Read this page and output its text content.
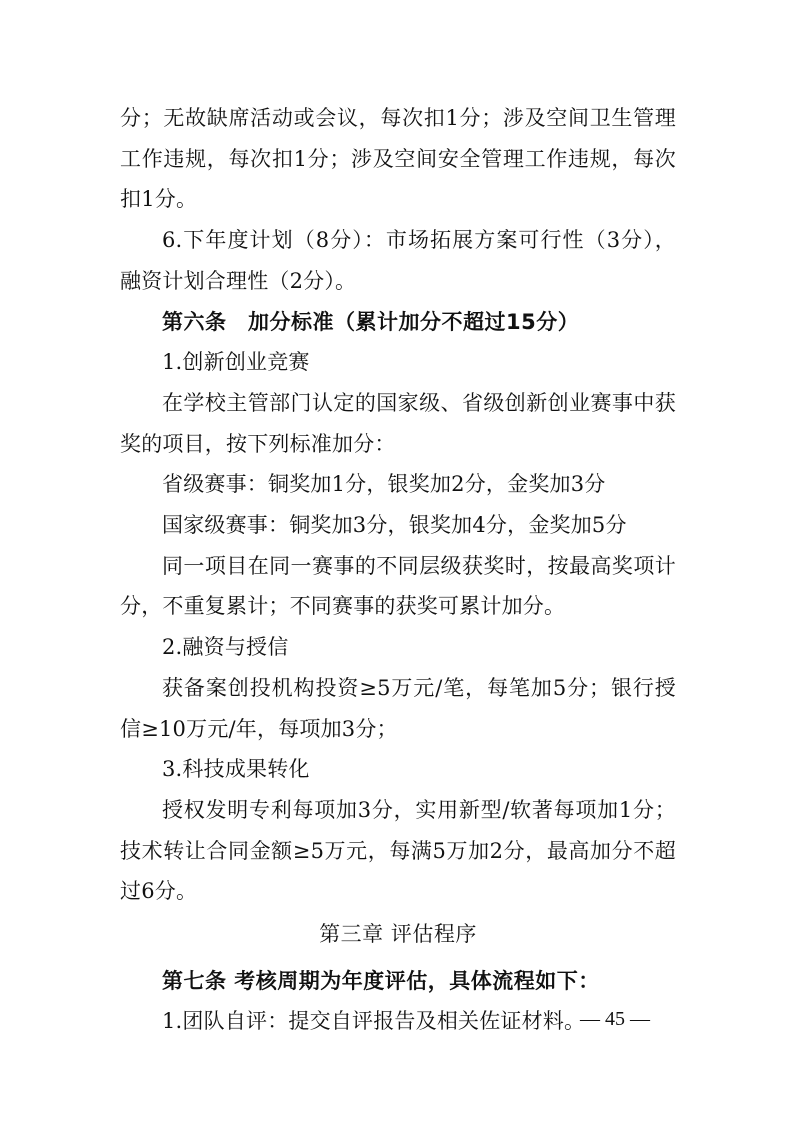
分；无故缺席活动或会议，每次扣1分；涉及空间卫生管理工作违规，每次扣1分；涉及空间安全管理工作违规，每次扣1分。

6.下年度计划（8分）：市场拓展方案可行性（3分），融资计划合理性（2分）。

第六条　加分标准（累计加分不超过15分）

1.创新创业竞赛

在学校主管部门认定的国家级、省级创新创业赛事中获奖的项目，按下列标准加分：

省级赛事：铜奖加1分，银奖加2分，金奖加3分

国家级赛事：铜奖加3分，银奖加4分，金奖加5分

同一项目在同一赛事的不同层级获奖时，按最高奖项计分，不重复累计；不同赛事的获奖可累计加分。

2.融资与授信

获备案创投机构投资≥5万元/笔，每笔加5分；银行授信≥10万元/年，每项加3分；

3.科技成果转化

授权发明专利每项加3分，实用新型/软著每项加1分；技术转让合同金额≥5万元，每满5万加2分，最高加分不超过6分。

第三章 评估程序

第七条 考核周期为年度评估，具体流程如下：

1.团队自评：提交自评报告及相关佐证材料。

— 45 —
